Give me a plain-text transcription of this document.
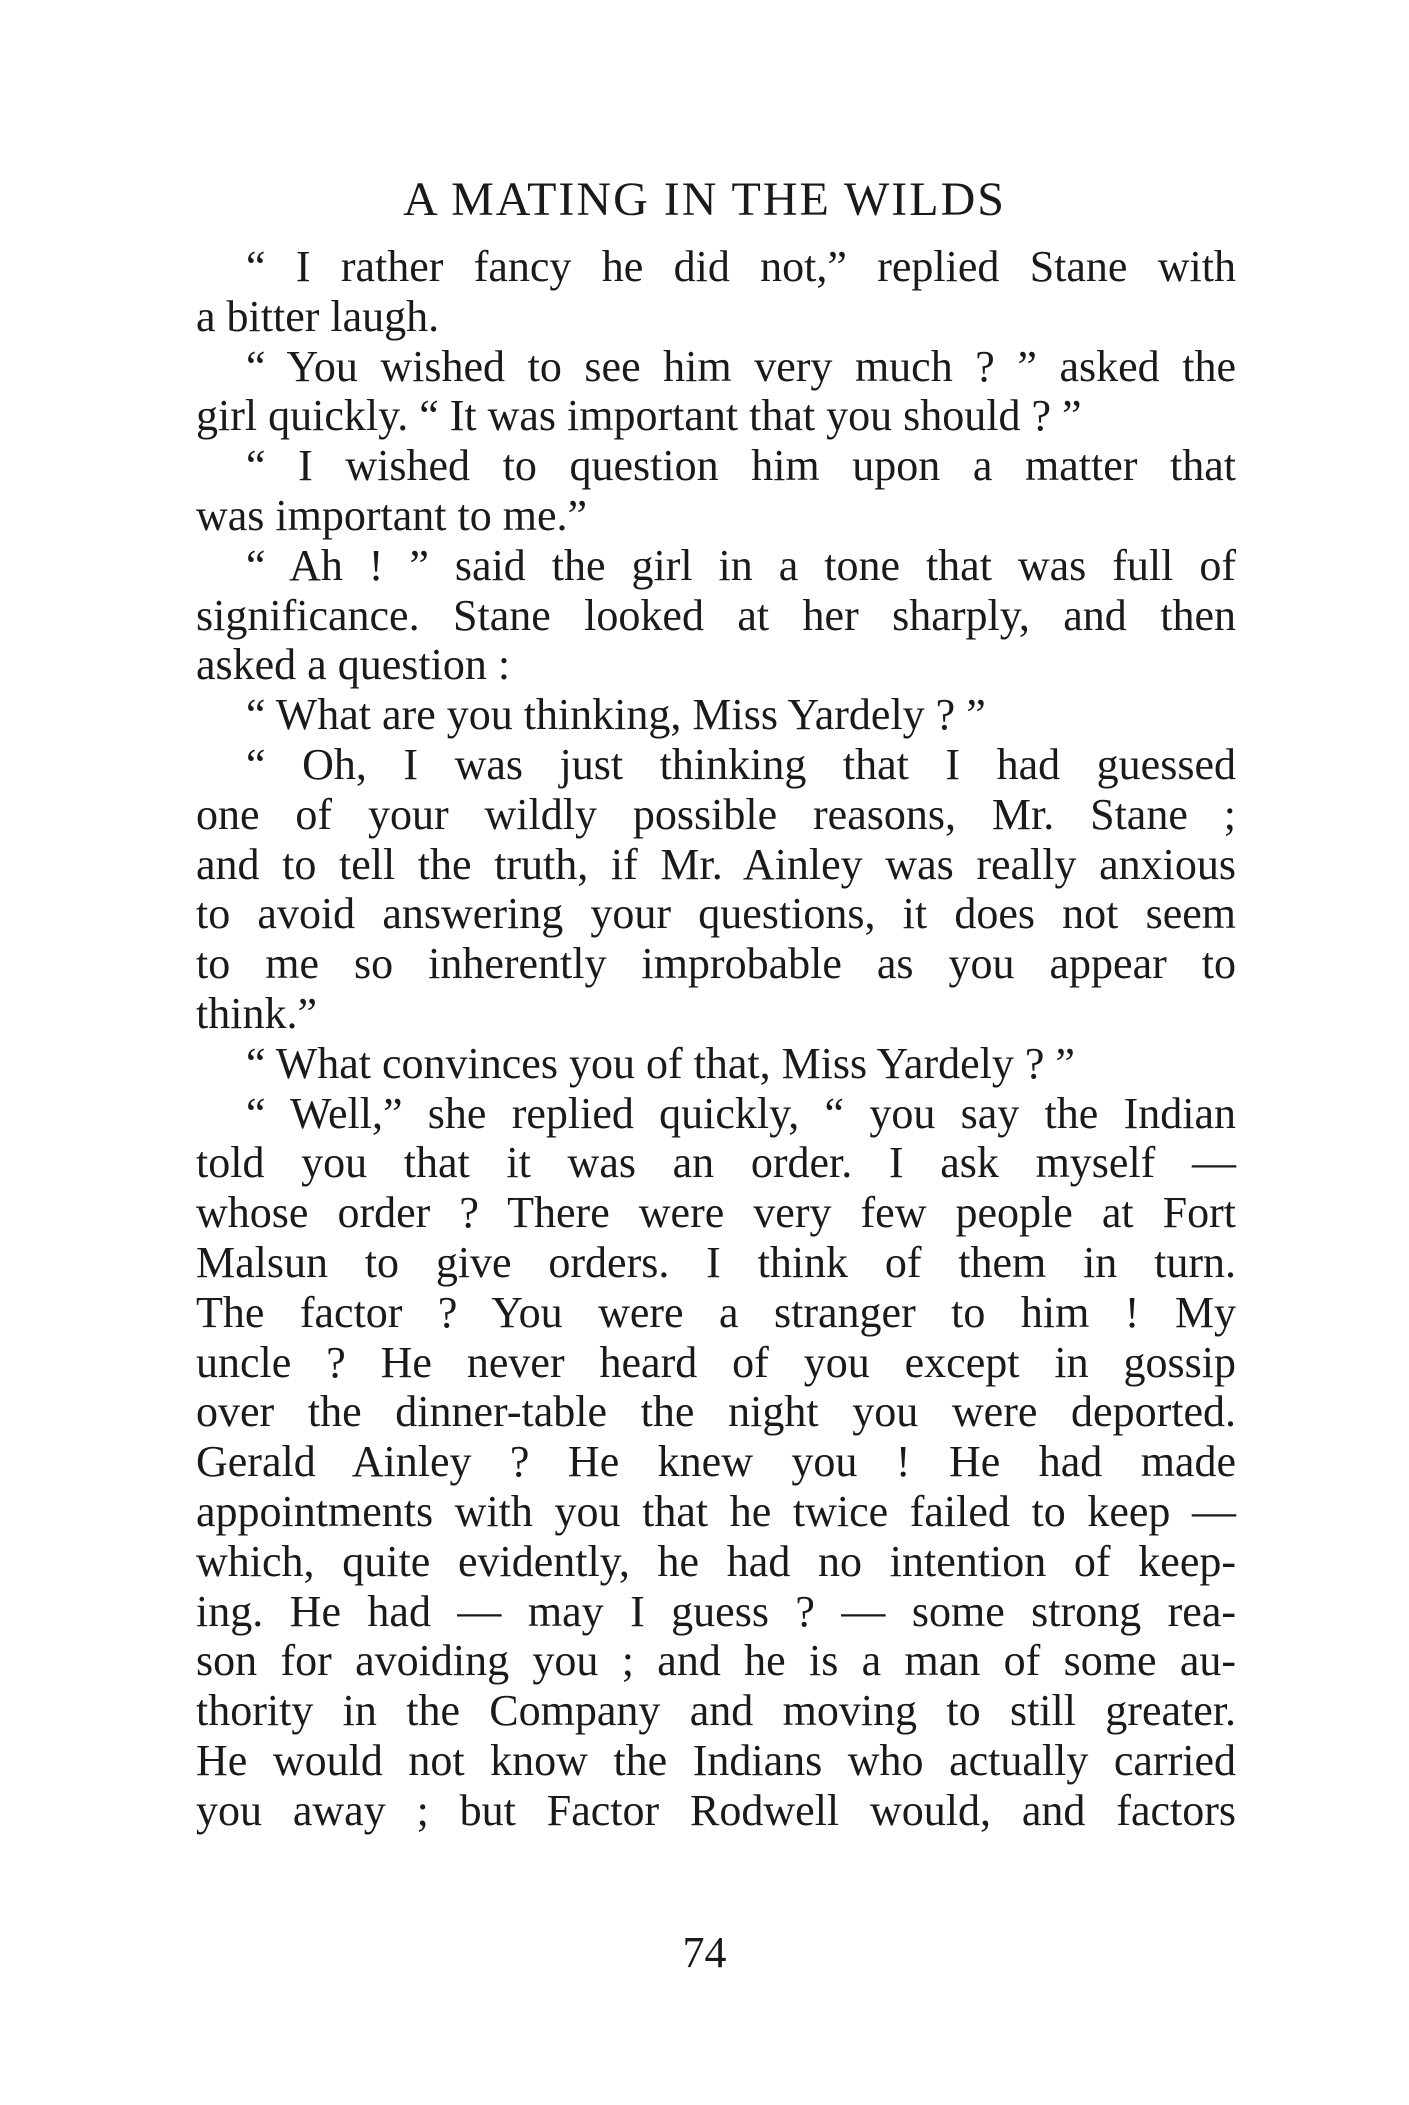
A MATING IN THE WILDS

“ I rather fancy he did not,” replied Stane with

a bitter laugh.

“ You wished to see him very much ? ” asked the

girl quickly. “ It was important that you should ? ”

“ I wished to question him upon a matter that

was important to me.”

“ Ah ! ” said the girl in a tone that was full of

significance. Stane looked at her sharply, and then

asked a question :

“ What are you thinking, Miss Yardely ? ”

“ Oh, I was just thinking that I had guessed

one of your wildly possible reasons, Mr. Stane ;

and to tell the truth, if Mr. Ainley was really anxious

to avoid answering your questions, it does not seem

to me so inherently improbable as you appear to

think.”

“ What convinces you of that, Miss Yardely ? ”

“ Well,” she replied quickly, “ you say the Indian

told you that it was an order. I ask myself —

whose order ? There were very few people at Fort

Malsun to give orders. I think of them in turn.

The factor ? You were a stranger to him ! My

uncle ? He never heard of you except in gossip

over the dinner-table the night you were deported.

Gerald Ainley ? He knew you ! He had made

appointments with you that he twice failed to keep —

which, quite evidently, he had no intention of keep-

ing. He had — may I guess ? — some strong rea-

son for avoiding you ; and he is a man of some au-

thority in the Company and moving to still greater.

He would not know the Indians who actually carried

you away ; but Factor Rodwell would, and factors

74
